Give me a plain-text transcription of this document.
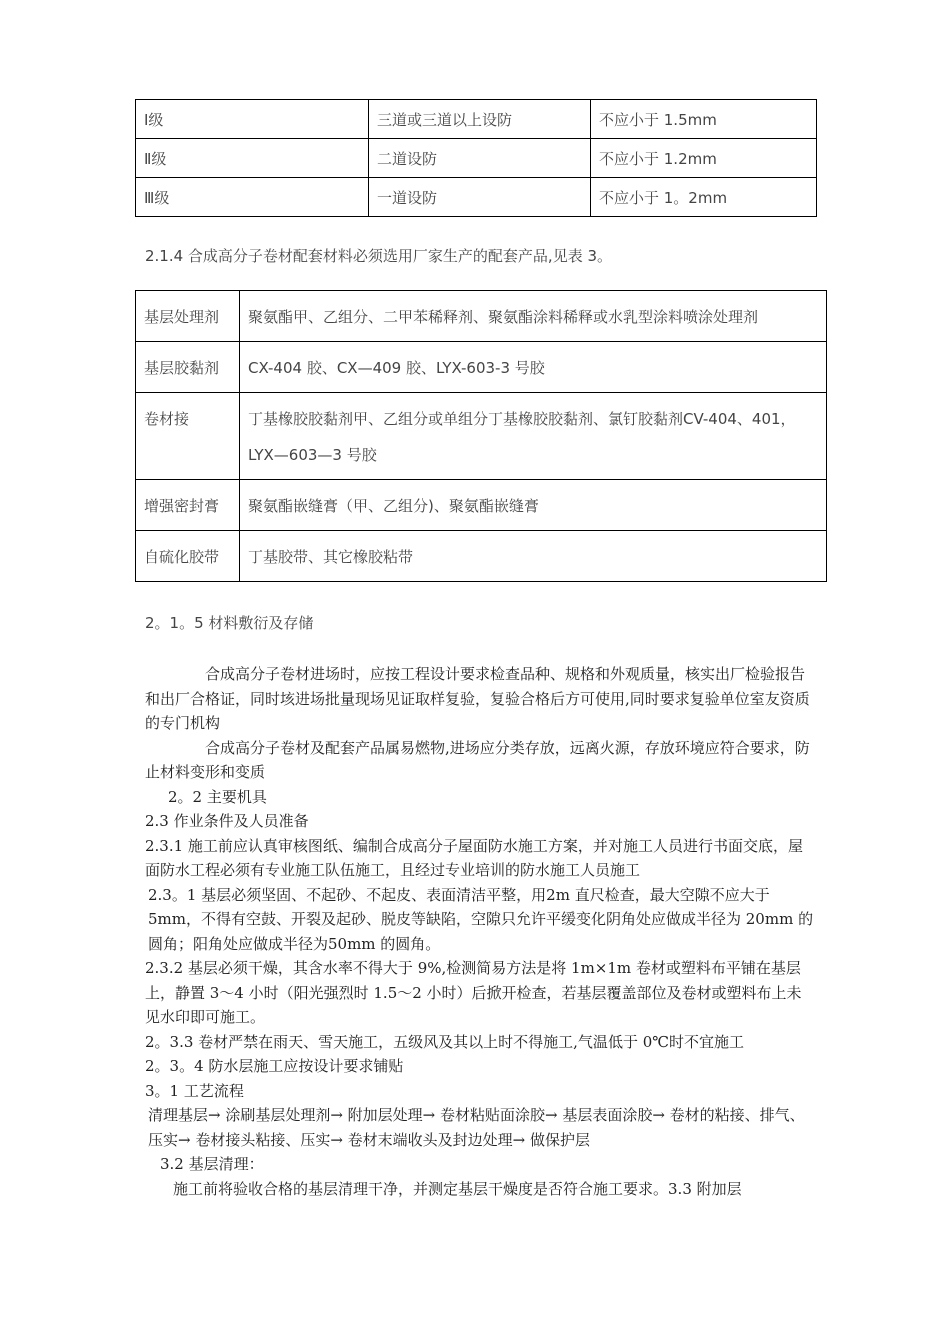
Ⅰ级	三道或三道以上设防	不应小于 1.5mm
Ⅱ级	二道设防	不应小于 1.2mm
Ⅲ级	一道设防	不应小于 1。2mm
2.1.4 合成高分子卷材配套材料必须选用厂家生产的配套产品,见表 3。
基层处理剂	聚氨酯甲、乙组分、二甲苯稀释剂、聚氨酯涂料稀释或水乳型涂料喷涂处理剂
基层胶黏剂	CX-404 胶、CX—409 胶、LYX-603-3 号胶
卷材接	丁基橡胶胶黏剂甲、乙组分或单组分丁基橡胶胶黏剂、氯钉胶黏剂CV-404、401，LYX—603—3 号胶
增强密封膏	聚氨酯嵌缝膏（甲、乙组分)、聚氨酯嵌缝膏
自硫化胶带	丁基胶带、其它橡胶粘带
2。1。5 材料敷衍及存储

合成高分子卷材进场时，应按工程设计要求检查品种、规格和外观质量，核实出厂检验报告和出厂合格证，同时垓进场批量现场见证取样复验，复验合格后方可使用,同时要求复验单位室友资质的专门机构

合成高分子卷材及配套产品属易燃物,进场应分类存放，远离火源，存放环境应符合要求，防止材料变形和变质

2。2 主要机具

2.3 作业条件及人员准备

2.3.1 施工前应认真审核图纸、编制合成高分子屋面防水施工方案，并对施工人员进行书面交底，屋面防水工程必须有专业施工队伍施工，且经过专业培训的防水施工人员施工

2.3。1 基层必须坚固、不起砂、不起皮、表面清洁平整，用2m 直尺检查，最大空隙不应大于 5mm，不得有空鼓、开裂及起砂、脱皮等缺陷，空隙只允许平缓变化阴角处应做成半径为 20mm 的圆角；阳角处应做成半径为50mm 的圆角。

2.3.2 基层必须干燥，其含水率不得大于 9%,检测简易方法是将 1m×1m 卷材或塑料布平铺在基层上，静置 3～4 小时（阳光强烈时 1.5～2 小时）后掀开检查，若基层覆盖部位及卷材或塑料布上未见水印即可施工。

2。3.3 卷材严禁在雨天、雪天施工，五级风及其以上时不得施工,气温低于 0℃时不宜施工

2。3。4 防水层施工应按设计要求铺贴

3。1 工艺流程

清理基层→ 涂刷基层处理剂→ 附加层处理→ 卷材粘贴面涂胶→ 基层表面涂胶→ 卷材的粘接、排气、压实→ 卷材接头粘接、压实→ 卷材末端收头及封边处理→ 做保护层

3.2 基层清理：

施工前将验收合格的基层清理干净，并测定基层干燥度是否符合施工要求。3.3 附加层
